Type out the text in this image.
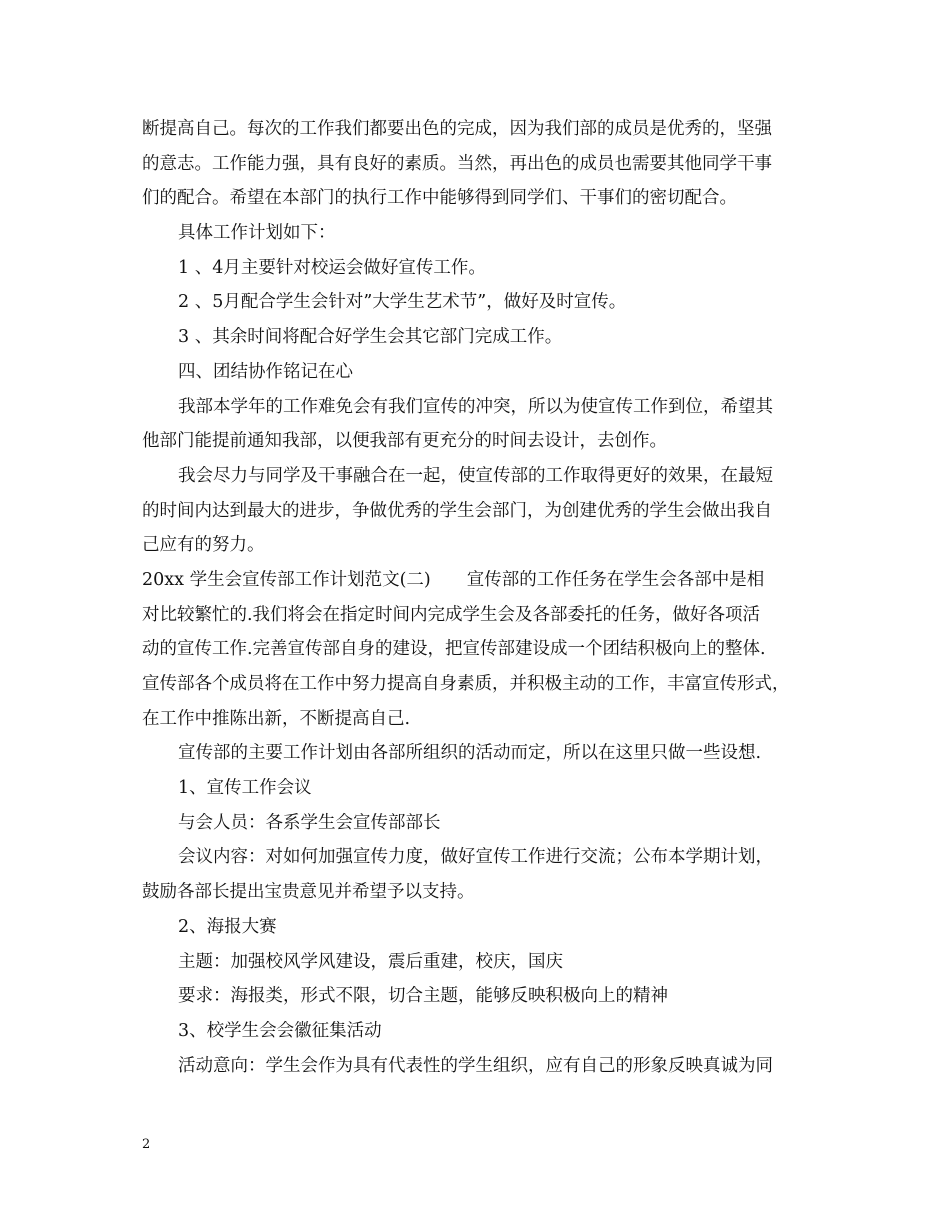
断提高自己。每次的工作我们都要出色的完成，因为我们部的成员是优秀的，坚强
的意志。工作能力强，具有良好的素质。当然，再出色的成员也需要其他同学干事
们的配合。希望在本部门的执行工作中能够得到同学们、干事们的密切配合。
具体工作计划如下：
1 、4月主要针对校运会做好宣传工作。
2 、5月配合学生会针对”大学生艺术节”，做好及时宣传。
3 、其余时间将配合好学生会其它部门完成工作。
四、团结协作铭记在心
我部本学年的工作难免会有我们宣传的冲突，所以为使宣传工作到位，希望其
他部门能提前通知我部，以便我部有更充分的时间去设计，去创作。
我会尽力与同学及干事融合在一起，使宣传部的工作取得更好的效果，在最短
的时间内达到最大的进步，争做优秀的学生会部门，为创建优秀的学生会做出我自
己应有的努力。
20xx 学生会宣传部工作计划范文(二) 宣传部的工作任务在学生会各部中是相
对比较繁忙的.我们将会在指定时间内完成学生会及各部委托的任务，做好各项活
动的宣传工作.完善宣传部自身的建设，把宣传部建设成一个团结积极向上的整体.
宣传部各个成员将在工作中努力提高自身素质，并积极主动的工作，丰富宣传形式，
在工作中推陈出新，不断提高自己.
宣传部的主要工作计划由各部所组织的活动而定，所以在这里只做一些设想.
1、宣传工作会议
与会人员：各系学生会宣传部部长
会议内容：对如何加强宣传力度，做好宣传工作进行交流；公布本学期计划，
鼓励各部长提出宝贵意见并希望予以支持。
2、海报大赛
主题：加强校风学风建设，震后重建，校庆，国庆
要求：海报类，形式不限，切合主题，能够反映积极向上的精神
3、校学生会会徽征集活动
活动意向：学生会作为具有代表性的学生组织，应有自己的形象反映真诚为同
2
